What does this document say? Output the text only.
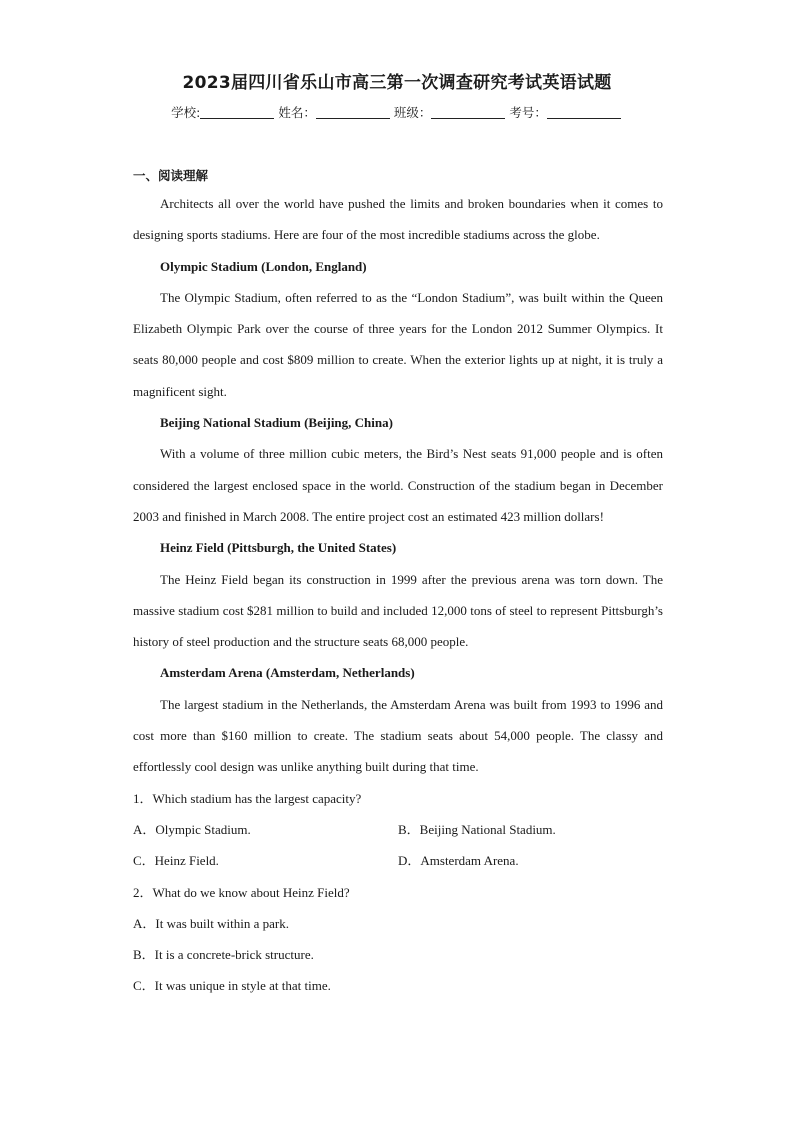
2023届四川省乐山市高三第一次调查研究考试英语试题
学校:	姓名：	班级：	考号：
一、阅读理解

Architects all over the world have pushed the limits and broken boundaries when it comes to designing sports stadiums. Here are four of the most incredible stadiums across the globe.

Olympic Stadium (London, England)

The Olympic Stadium, often referred to as the “London Stadium”, was built within the Queen Elizabeth Olympic Park over the course of three years for the London 2012 Summer Olympics. It seats 80,000 people and cost $809 million to create. When the exterior lights up at night, it is truly a magnificent sight.

Beijing National Stadium (Beijing, China)

With a volume of three million cubic meters, the Bird’s Nest seats 91,000 people and is often considered the largest enclosed space in the world. Construction of the stadium began in December 2003 and finished in March 2008. The entire project cost an estimated 423 million dollars!

Heinz Field (Pittsburgh, the United States)

The Heinz Field began its construction in 1999 after the previous arena was torn down. The massive stadium cost $281 million to build and included 12,000 tons of steel to represent Pittsburgh’s history of steel production and the structure seats 68,000 people.

Amsterdam Arena (Amsterdam, Netherlands)

The largest stadium in the Netherlands, the Amsterdam Arena was built from 1993 to 1996 and cost more than $160 million to create. The stadium seats about 54,000 people. The classy and effortlessly cool design was unlike anything built during that time.

1．Which stadium has the largest capacity?
A．Olympic Stadium.	B．Beijing National Stadium.
C．Heinz Field.	D．Amsterdam Arena.
2．What do we know about Heinz Field?
A．It was built within a park.
B．It is a concrete-brick structure.
C．It was unique in style at that time.
